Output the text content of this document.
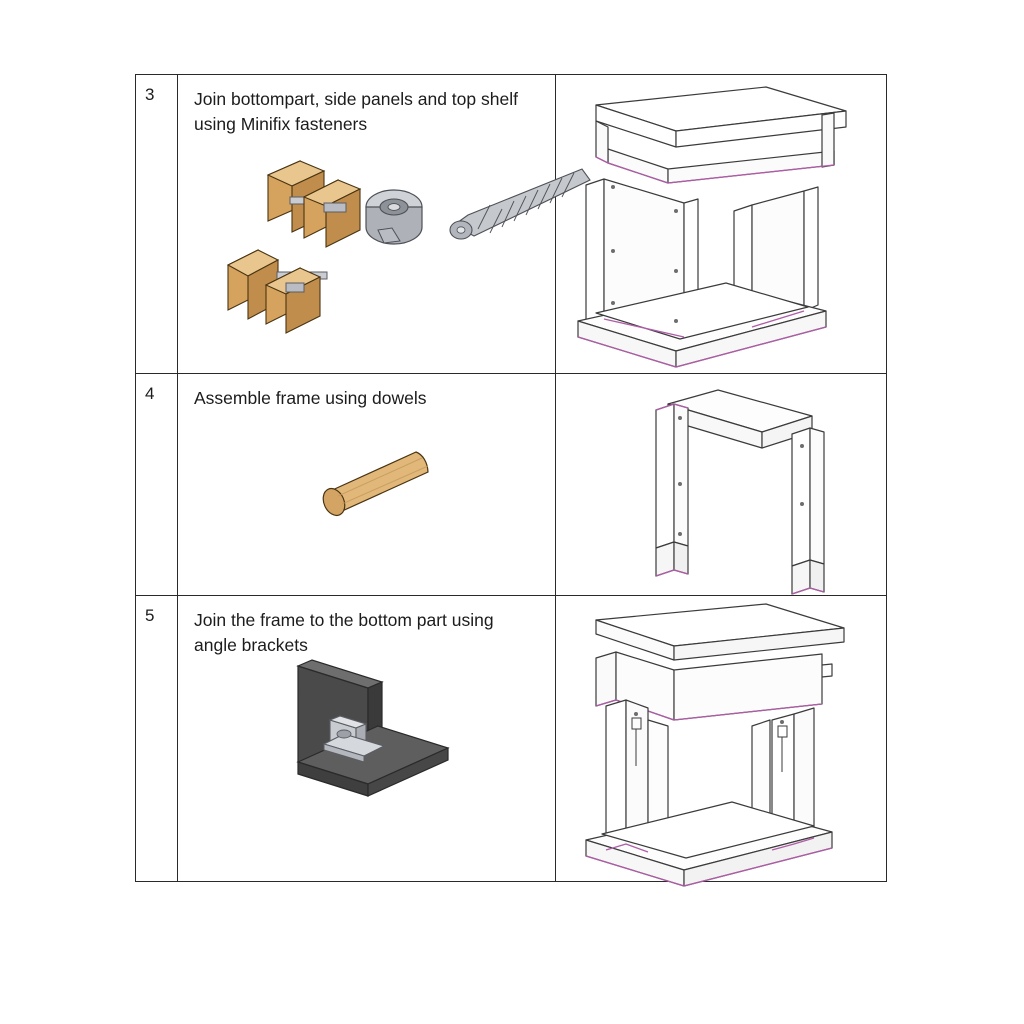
3	Join bottompart, side panels and top shelf using Minifix fasteners
4	Assemble frame using dowels
5	Join the frame to the bottom part using angle brackets
